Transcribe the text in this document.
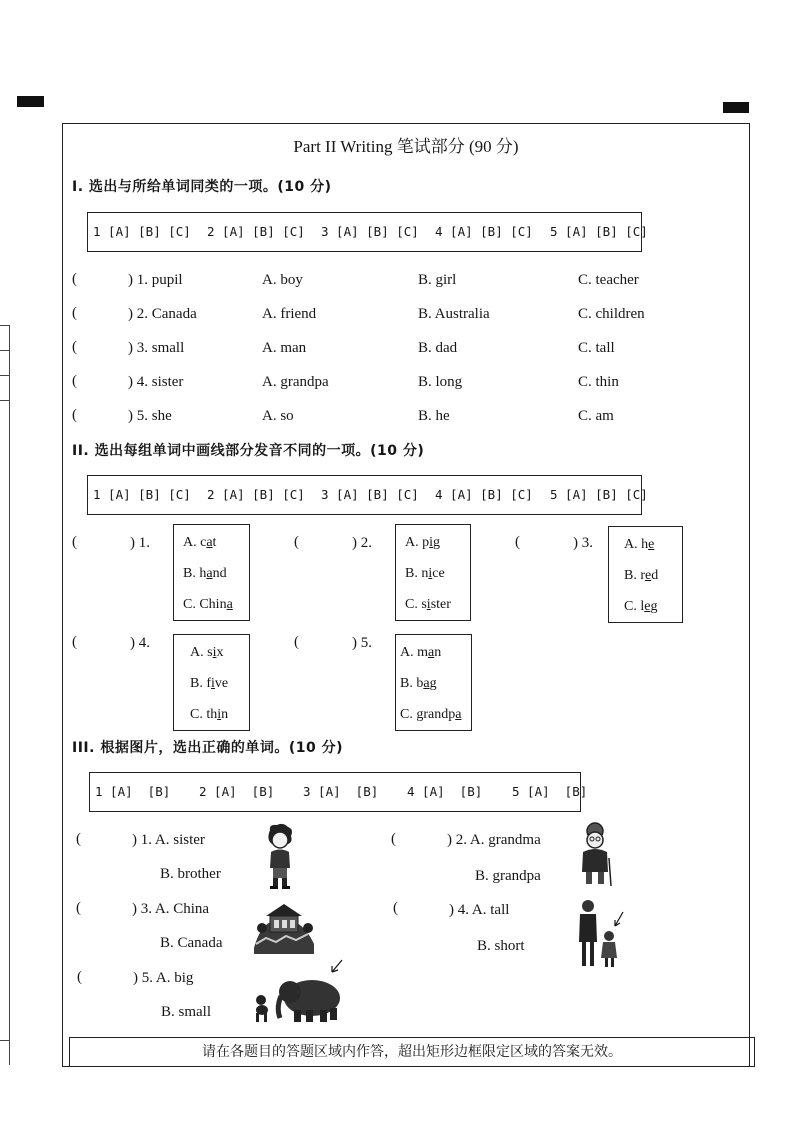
Part II Writing 笔试部分 (90 分)
I. 选出与所给单词同类的一项。(10 分)
1 [A] [B] [C] 2 [A] [B] [C] 3 [A] [B] [C] 4 [A] [B] [C] 5 [A] [B] [C]
(	) 1. pupil	A. boy	B. girl	C. teacher
(	) 2. Canada	A. friend	B. Australia	C. children
(	) 3. small	A. man	B. dad	C. tall
(	) 4. sister	A. grandpa	B. long	C. thin
(	) 5. she	A. so	B. he	C. am
II. 选出每组单词中画线部分发音不同的一项。(10 分)
1 [A] [B] [C] 2 [A] [B] [C] 3 [A] [B] [C] 4 [A] [B] [C] 5 [A] [B] [C]
(	) 1. A. cat
B. hand
C. China
(	) 2. A. pig
B. nice
C. sister
(	) 3. A. he
B. red
C. leg
(	) 4.
A. six
B. five
C. thin
(	) 5.
A. man
B. bag
C. grandpa
III. 根据图片，选出正确的单词。(10 分)
1 [A]  [B] 2 [A]  [B] 3 [A]  [B] 4 [A]  [B] 5 [A]  [B]
(	) 1. A. sister
B. brother
(	) 2. A. grandma
B. grandpa
(	) 3. A. China
B. Canada
(	) 4. A. tall
B. short
(	) 5. A. big
B. small
请在各题目的答题区域内作答，超出矩形边框限定区域的答案无效。
